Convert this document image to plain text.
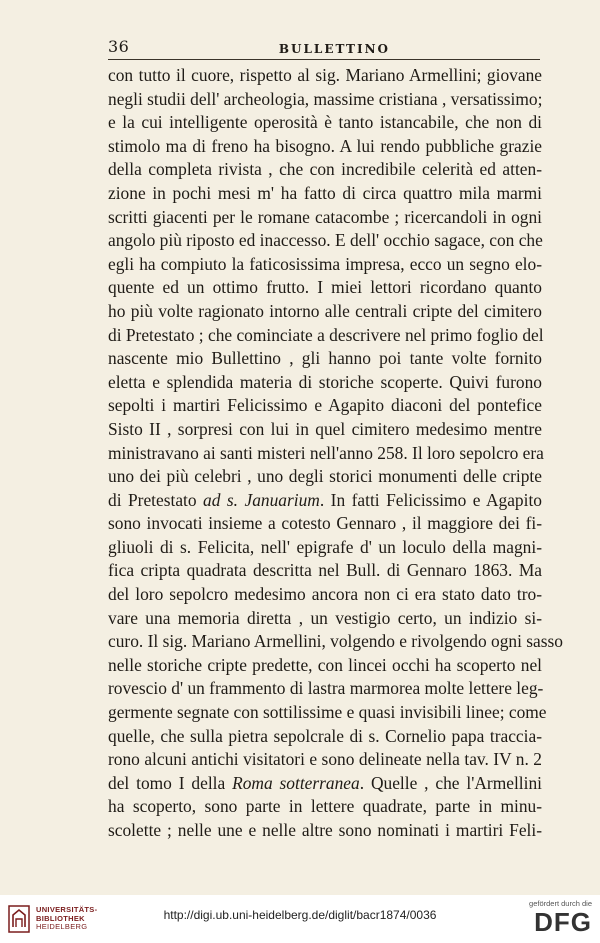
36	BULLETTINO
con tutto il cuore, rispetto al sig. Mariano Armellini; giovane
negli studii dell' archeologia, massime cristiana , versatissimo;
e la cui intelligente operosità è tanto istancabile, che non di
stimolo ma di freno ha bisogno. A lui rendo pubbliche grazie
della completa rivista , che con incredibile celerità ed atten-
zione in pochi mesi m' ha fatto di circa quattro mila marmi
scritti giacenti per le romane catacombe ; ricercandoli in ogni
angolo più riposto ed inaccesso. E dell' occhio sagace, con che
egli ha compiuto la faticosissima impresa, ecco un segno elo-
quente ed un ottimo frutto. I miei lettori ricordano quanto
ho più volte ragionato intorno alle centrali cripte del cimitero
di Pretestato ; che cominciate a descrivere nel primo foglio del
nascente mio Bullettino , gli hanno poi tante volte fornito
eletta e splendida materia di storiche scoperte. Quivi furono
sepolti i martiri Felicissimo e Agapito diaconi del pontefice
Sisto II , sorpresi con lui in quel cimitero medesimo mentre
ministravano ai santi misteri nell'anno 258. Il loro sepolcro era
uno dei più celebri , uno degli storici monumenti delle cripte
di Pretestato ad s. Januarium. In fatti Felicissimo e Agapito
sono invocati insieme a cotesto Gennaro , il maggiore dei fi-
gliuoli di s. Felicita, nell' epigrafe d' un loculo della magni-
fica cripta quadrata descritta nel Bull. di Gennaro 1863. Ma
del loro sepolcro medesimo ancora non ci era stato dato tro-
vare una memoria diretta , un vestigio certo, un indizio si-
curo. Il sig. Mariano Armellini, volgendo e rivolgendo ogni sasso
nelle storiche cripte predette, con lincei occhi ha scoperto nel
rovescio d' un frammento di lastra marmorea molte lettere leg-
germente segnate con sottilissime e quasi invisibili linee; come
quelle, che sulla pietra sepolcrale di s. Cornelio papa traccia-
rono alcuni antichi visitatori e sono delineate nella tav. IV n. 2
del tomo I della Roma sotterranea. Quelle , che l'Armellini
ha scoperto, sono parte in lettere quadrate, parte in minu-
scolette ; nelle une e nelle altre sono nominati i martiri Feli-
UNIVERSITÄTS-
BIBLIOTHEK
HEIDELBERG
http://digi.ub.uni-heidelberg.de/diglit/bacr1874/0036
gefördert durch die
DFG
